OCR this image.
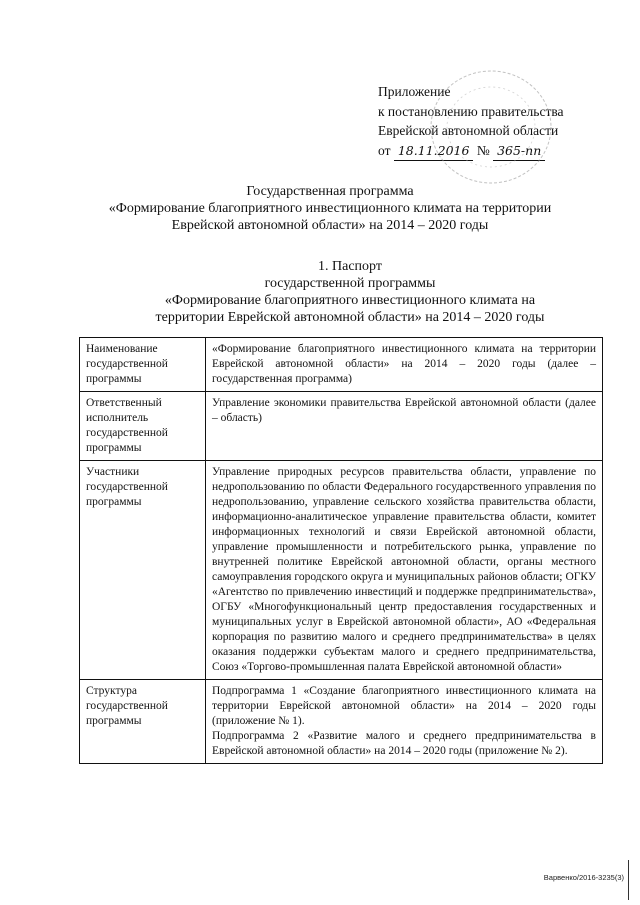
Приложение
к постановлению правительства
Еврейской автономной области
от 18.11.2016 № 365-пп
Государственная программа
«Формирование благоприятного инвестиционного климата на территории
Еврейской автономной области» на 2014 – 2020 годы
1. Паспорт
государственной программы
«Формирование благоприятного инвестиционного климата на
территории Еврейской автономной области» на 2014 – 2020 годы
Наименование государственной программы	«Формирование благоприятного инвестиционного климата на территории Еврейской автономной области» на 2014 – 2020 годы (далее – государственная программа)
Ответственный исполнитель государственной программы	Управление экономики правительства Еврейской автономной области (далее – область)
Участники государственной программы	Управление природных ресурсов правительства области, управление по недропользованию по области Федерального государственного управления по недропользованию, управление сельского хозяйства правительства области, информационно-аналитическое управление правительства области, комитет информационных технологий и связи Еврейской автономной области, управление промышленности и потребительского рынка, управление по внутренней политике Еврейской автономной области, органы местного самоуправления городского округа и муниципальных районов области; ОГКУ «Агентство по привлечению инвестиций и поддержке предпринимательства», ОГБУ «Многофункциональный центр предоставления государственных и муниципальных услуг в Еврейской автономной области», АО «Федеральная корпорация по развитию малого и среднего предпринимательства» в целях оказания поддержки субъектам малого и среднего предпринимательства, Союз «Торгово-промышленная палата Еврейской автономной области»
Структура государственной программы	Подпрограмма 1 «Создание благоприятного инвестиционного климата на территории Еврейской автономной области» на 2014 – 2020 годы (приложение № 1).
Подпрограмма 2 «Развитие малого и среднего предпринимательства в Еврейской автономной области» на 2014 – 2020 годы (приложение № 2).
Варвенко/2016-3235(3)
